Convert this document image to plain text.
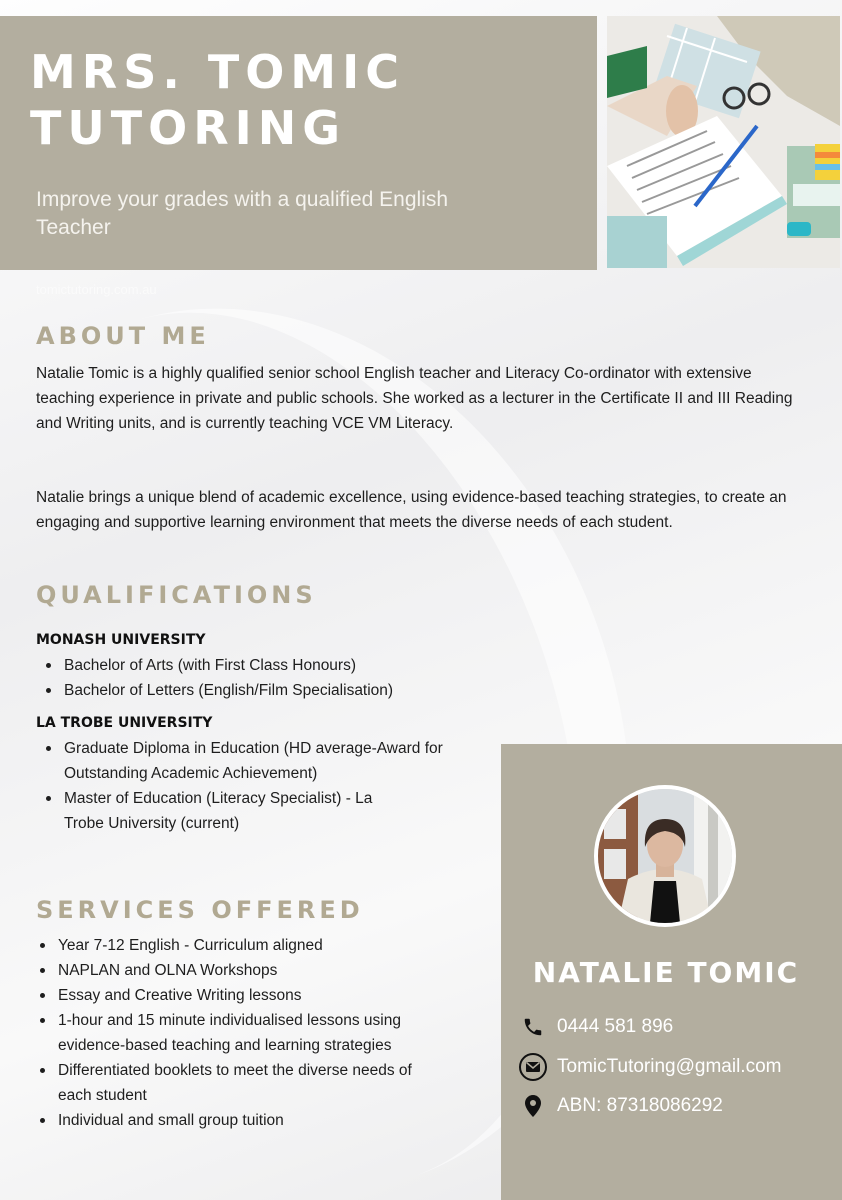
MRS. TOMIC
TUTORING
Improve your grades with a qualified English Teacher
tomictutoring.com.au
ABOUT ME
Natalie Tomic is a highly qualified senior school English teacher and Literacy Co-ordinator with extensive teaching experience in private and public schools. She worked as a lecturer in the Certificate II and III Reading and Writing units, and is currently teaching VCE VM Literacy.
Natalie brings a unique blend of academic excellence, using evidence-based teaching strategies, to create an engaging and supportive learning environment that meets the diverse needs of each student.
QUALIFICATIONS
MONASH UNIVERSITY
Bachelor of Arts (with First Class Honours)
Bachelor of Letters (English/Film Specialisation)
LA TROBE UNIVERSITY
Graduate Diploma in Education (HD average-Award for Outstanding Academic Achievement)
Master of Education (Literacy Specialist) - La Trobe University (current)
SERVICES OFFERED
Year 7-12 English - Curriculum aligned
NAPLAN and OLNA Workshops
Essay and Creative Writing lessons
1-hour and 15 minute individualised lessons using evidence-based teaching and learning strategies
Differentiated booklets to meet the diverse needs of each student
Individual and small group tuition
NATALIE TOMIC
0444 581 896
TomicTutoring@gmail.com
ABN: 87318086292
